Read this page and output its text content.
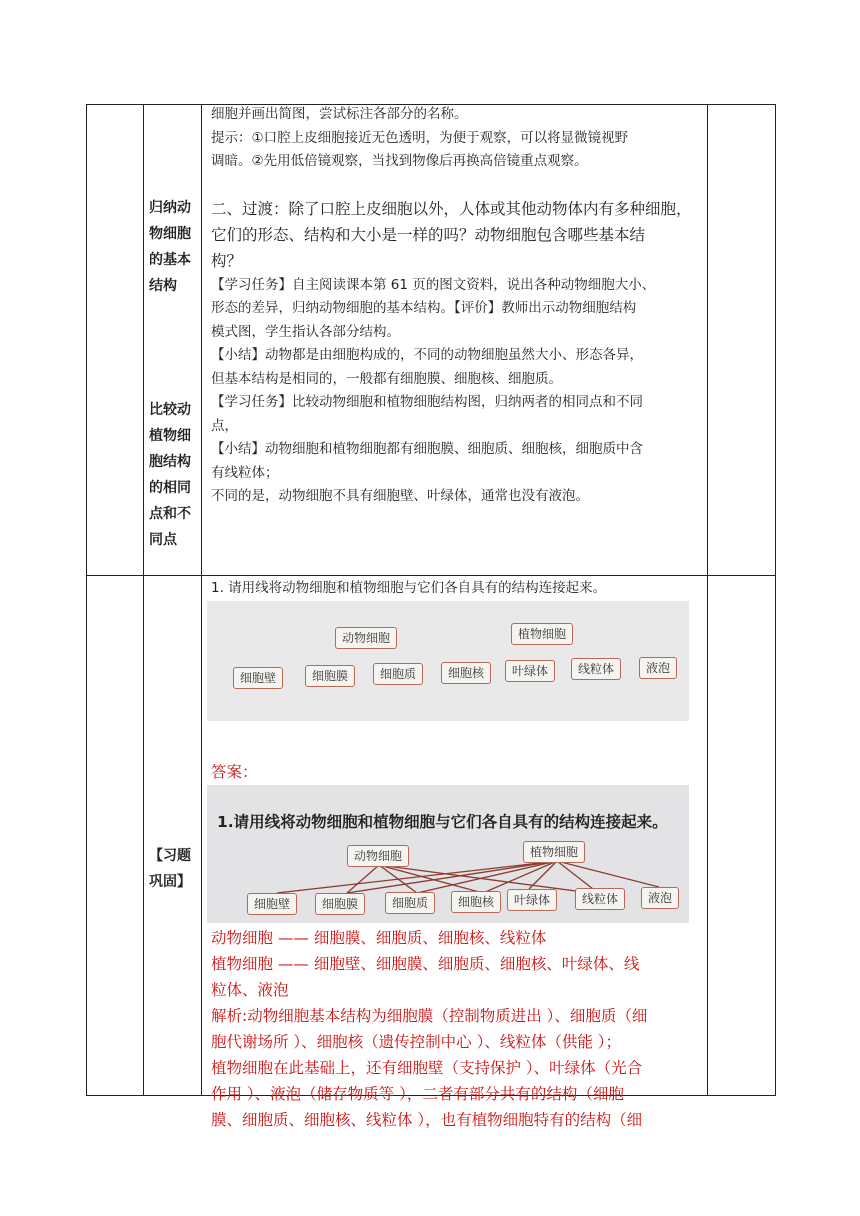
归纳动
物细胞
的基本
结构
比较动
植物细
胞结构
的相同
点和不
同点

细胞并画出简图，尝试标注各部分的名称。

提示：①口腔上皮细胞接近无色透明，为便于观察，可以将显微镜视野

调暗。②先用低倍镜观察，当找到物像后再换高倍镜重点观察。

二、过渡：除了口腔上皮细胞以外，人体或其他动物体内有多种细胞，

它们的形态、结构和大小是一样的吗？动物细胞包含哪些基本结

构？

【学习任务】自主阅读课本第 61 页的图文资料，说出各种动物细胞大小、

形态的差异，归纳动物细胞的基本结构。【评价】教师出示动物细胞结构

模式图，学生指认各部分结构。

【小结】动物都是由细胞构成的，不同的动物细胞虽然大小、形态各异，

但基本结构是相同的，一般都有细胞膜、细胞核、细胞质。

【学习任务】比较动物细胞和植物细胞结构图，归纳两者的相同点和不同

点，

【小结】动物细胞和植物细胞都有细胞膜、细胞质、细胞核，细胞质中含

有线粒体；

不同的是，动物细胞不具有细胞壁、叶绿体，通常也没有液泡。

【习题
巩固】

1. 请用线将动物细胞和植物细胞与它们各自具有的结构连接起来。

动物细胞	植物细胞
细胞壁	细胞膜	细胞质	细胞核	叶绿体	线粒体	液泡

答案：

1.请用线将动物细胞和植物细胞与它们各自具有的结构连接起来。
动物细胞	植物细胞
细胞壁	细胞膜	细胞质	细胞核	叶绿体	线粒体	液泡

动物细胞 —— 细胞膜、细胞质、细胞核、线粒体

植物细胞 —— 细胞壁、细胞膜、细胞质、细胞核、叶绿体、线

粒体、液泡

解析:动物细胞基本结构为细胞膜（控制物质进出 ）、细胞质（细

胞代谢场所 ）、细胞核（遗传控制中心 ）、线粒体（供能 ）；

植物细胞在此基础上，还有细胞壁（支持保护 ）、叶绿体（光合

作用 ）、液泡（储存物质等 ），二者有部分共有的结构（细胞

膜、细胞质、细胞核、线粒体 ），也有植物细胞特有的结构（细
